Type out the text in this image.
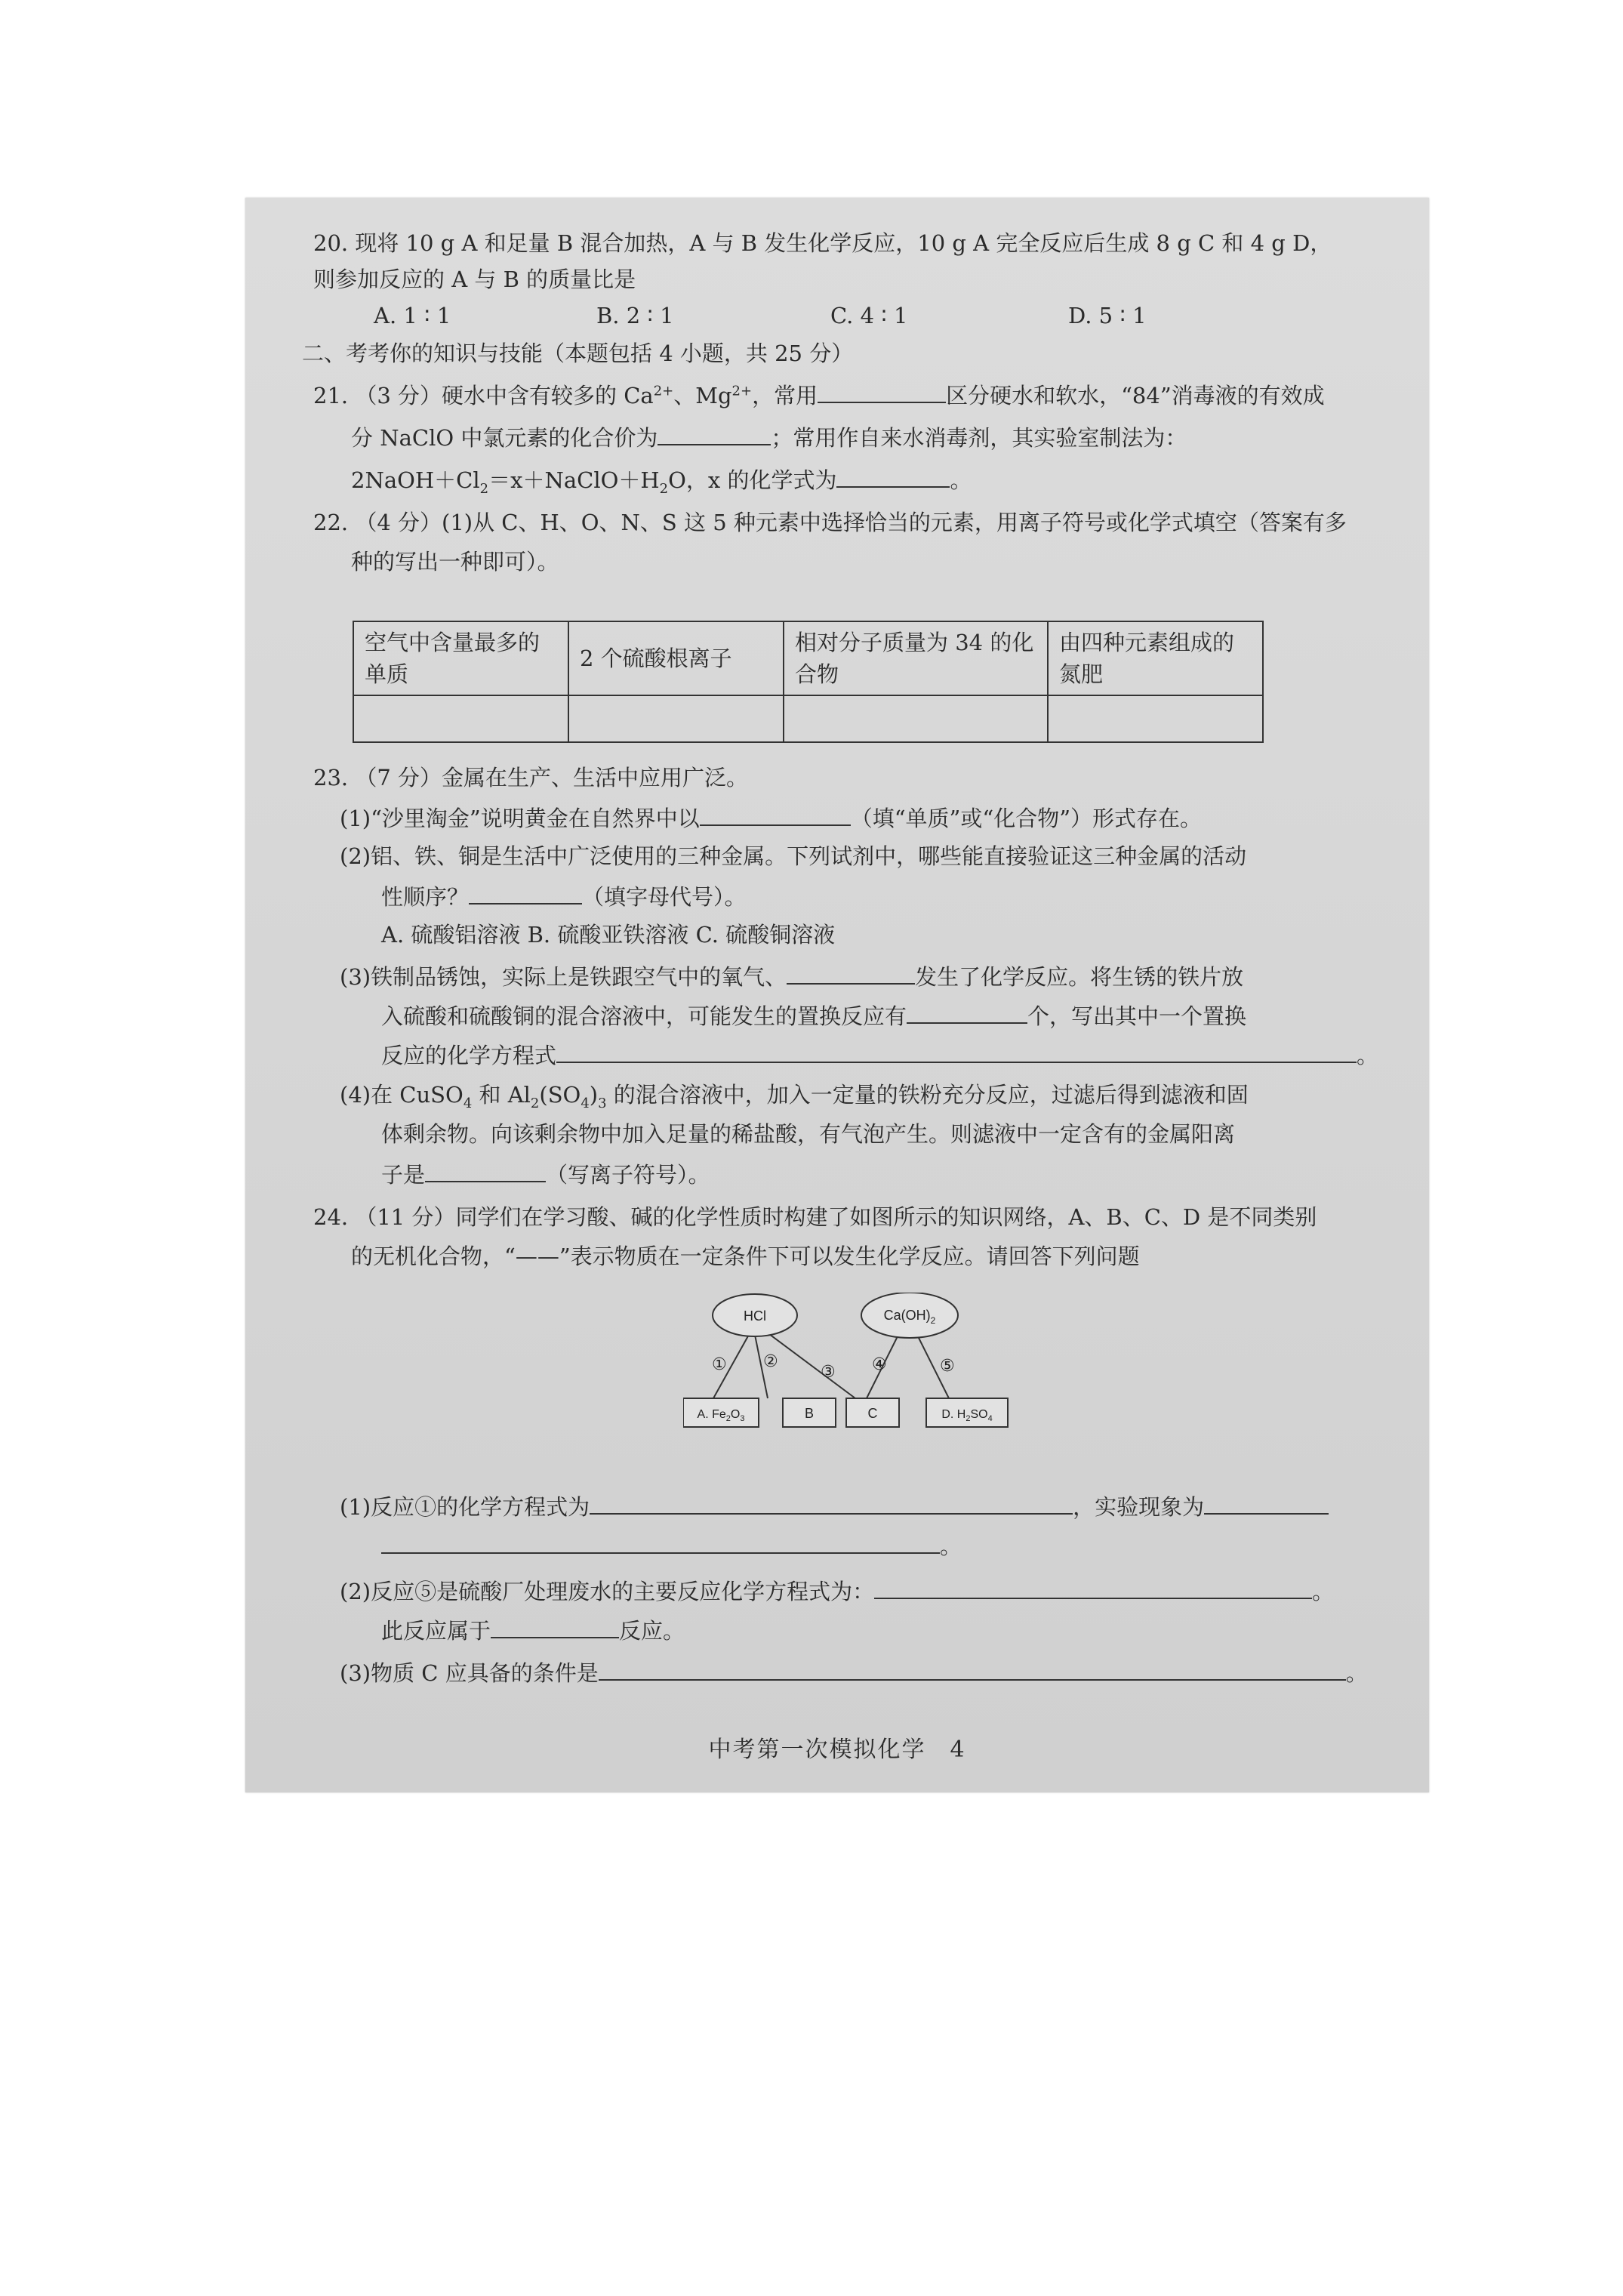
20. 现将 10 g A 和足量 B 混合加热，A 与 B 发生化学反应，10 g A 完全反应后生成 8 g C 和 4 g D，
则参加反应的 A 与 B 的质量比是
A. 1 ∶ 1	B. 2 ∶ 1	C. 4 ∶ 1	D. 5 ∶ 1
二、考考你的知识与技能（本题包括 4 小题，共 25 分）
21. （3 分）硬水中含有较多的 $Ca^{2+}$、$Mg^{2+}$，常用	区分硬水和软水，“84”消毒液的有效成
分 NaClO 中氯元素的化合价为	；常用作自来水消毒剂，其实验室制法为：
$2NaOH+Cl_2=x+NaClO+H_2O$，x 的化学式为	。
22. （4 分）(1)从 C、H、O、N、S 这 5 种元素中选择恰当的元素，用离子符号或化学式填空（答案有多
种的写出一种即可）。
空气中含量最多的单质	2 个硫酸根离子	相对分子质量为 34 的化合物	由四种元素组成的氮肥

23. （7 分）金属在生产、生活中应用广泛。
(1)“沙里淘金”说明黄金在自然界中以	（填“单质”或“化合物”）形式存在。
(2)铝、铁、铜是生活中广泛使用的三种金属。下列试剂中，哪些能直接验证这三种金属的活动
性顺序？	（填字母代号）。
A. 硫酸铝溶液 B. 硫酸亚铁溶液 C. 硫酸铜溶液
(3)铁制品锈蚀，实际上是铁跟空气中的氧气、	发生了化学反应。将生锈的铁片放
入硫酸和硫酸铜的混合溶液中，可能发生的置换反应有	个，写出其中一个置换
反应的化学方程式	。
(4)在 CuSO$_4$ 和 $Al_2(SO_4)_3$ 的混合溶液中，加入一定量的铁粉充分反应，过滤后得到滤液和固
体剩余物。向该剩余物中加入足量的稀盐酸，有气泡产生。则滤液中一定含有的金属阳离
子是	（写离子符号）。
24. （11 分）同学们在学习酸、碱的化学性质时构建了如图所示的知识网络，A、B、C、D 是不同类别
的无机化合物，“——”表示物质在一定条件下可以发生化学反应。请回答下列问题
HCl	$Ca(OH)_2$
A. $Fe_2O_3$	B	C	D. $H_2SO_4$
① ②
③ ④	⑤
(1)反应①的化学方程式为	，实验现象为
。
(2)反应⑤是硫酸厂处理废水的主要反应化学方程式为：	。
此反应属于	反应。
(3)物质 C 应具备的条件是	。
中考第一次模拟化学　4
